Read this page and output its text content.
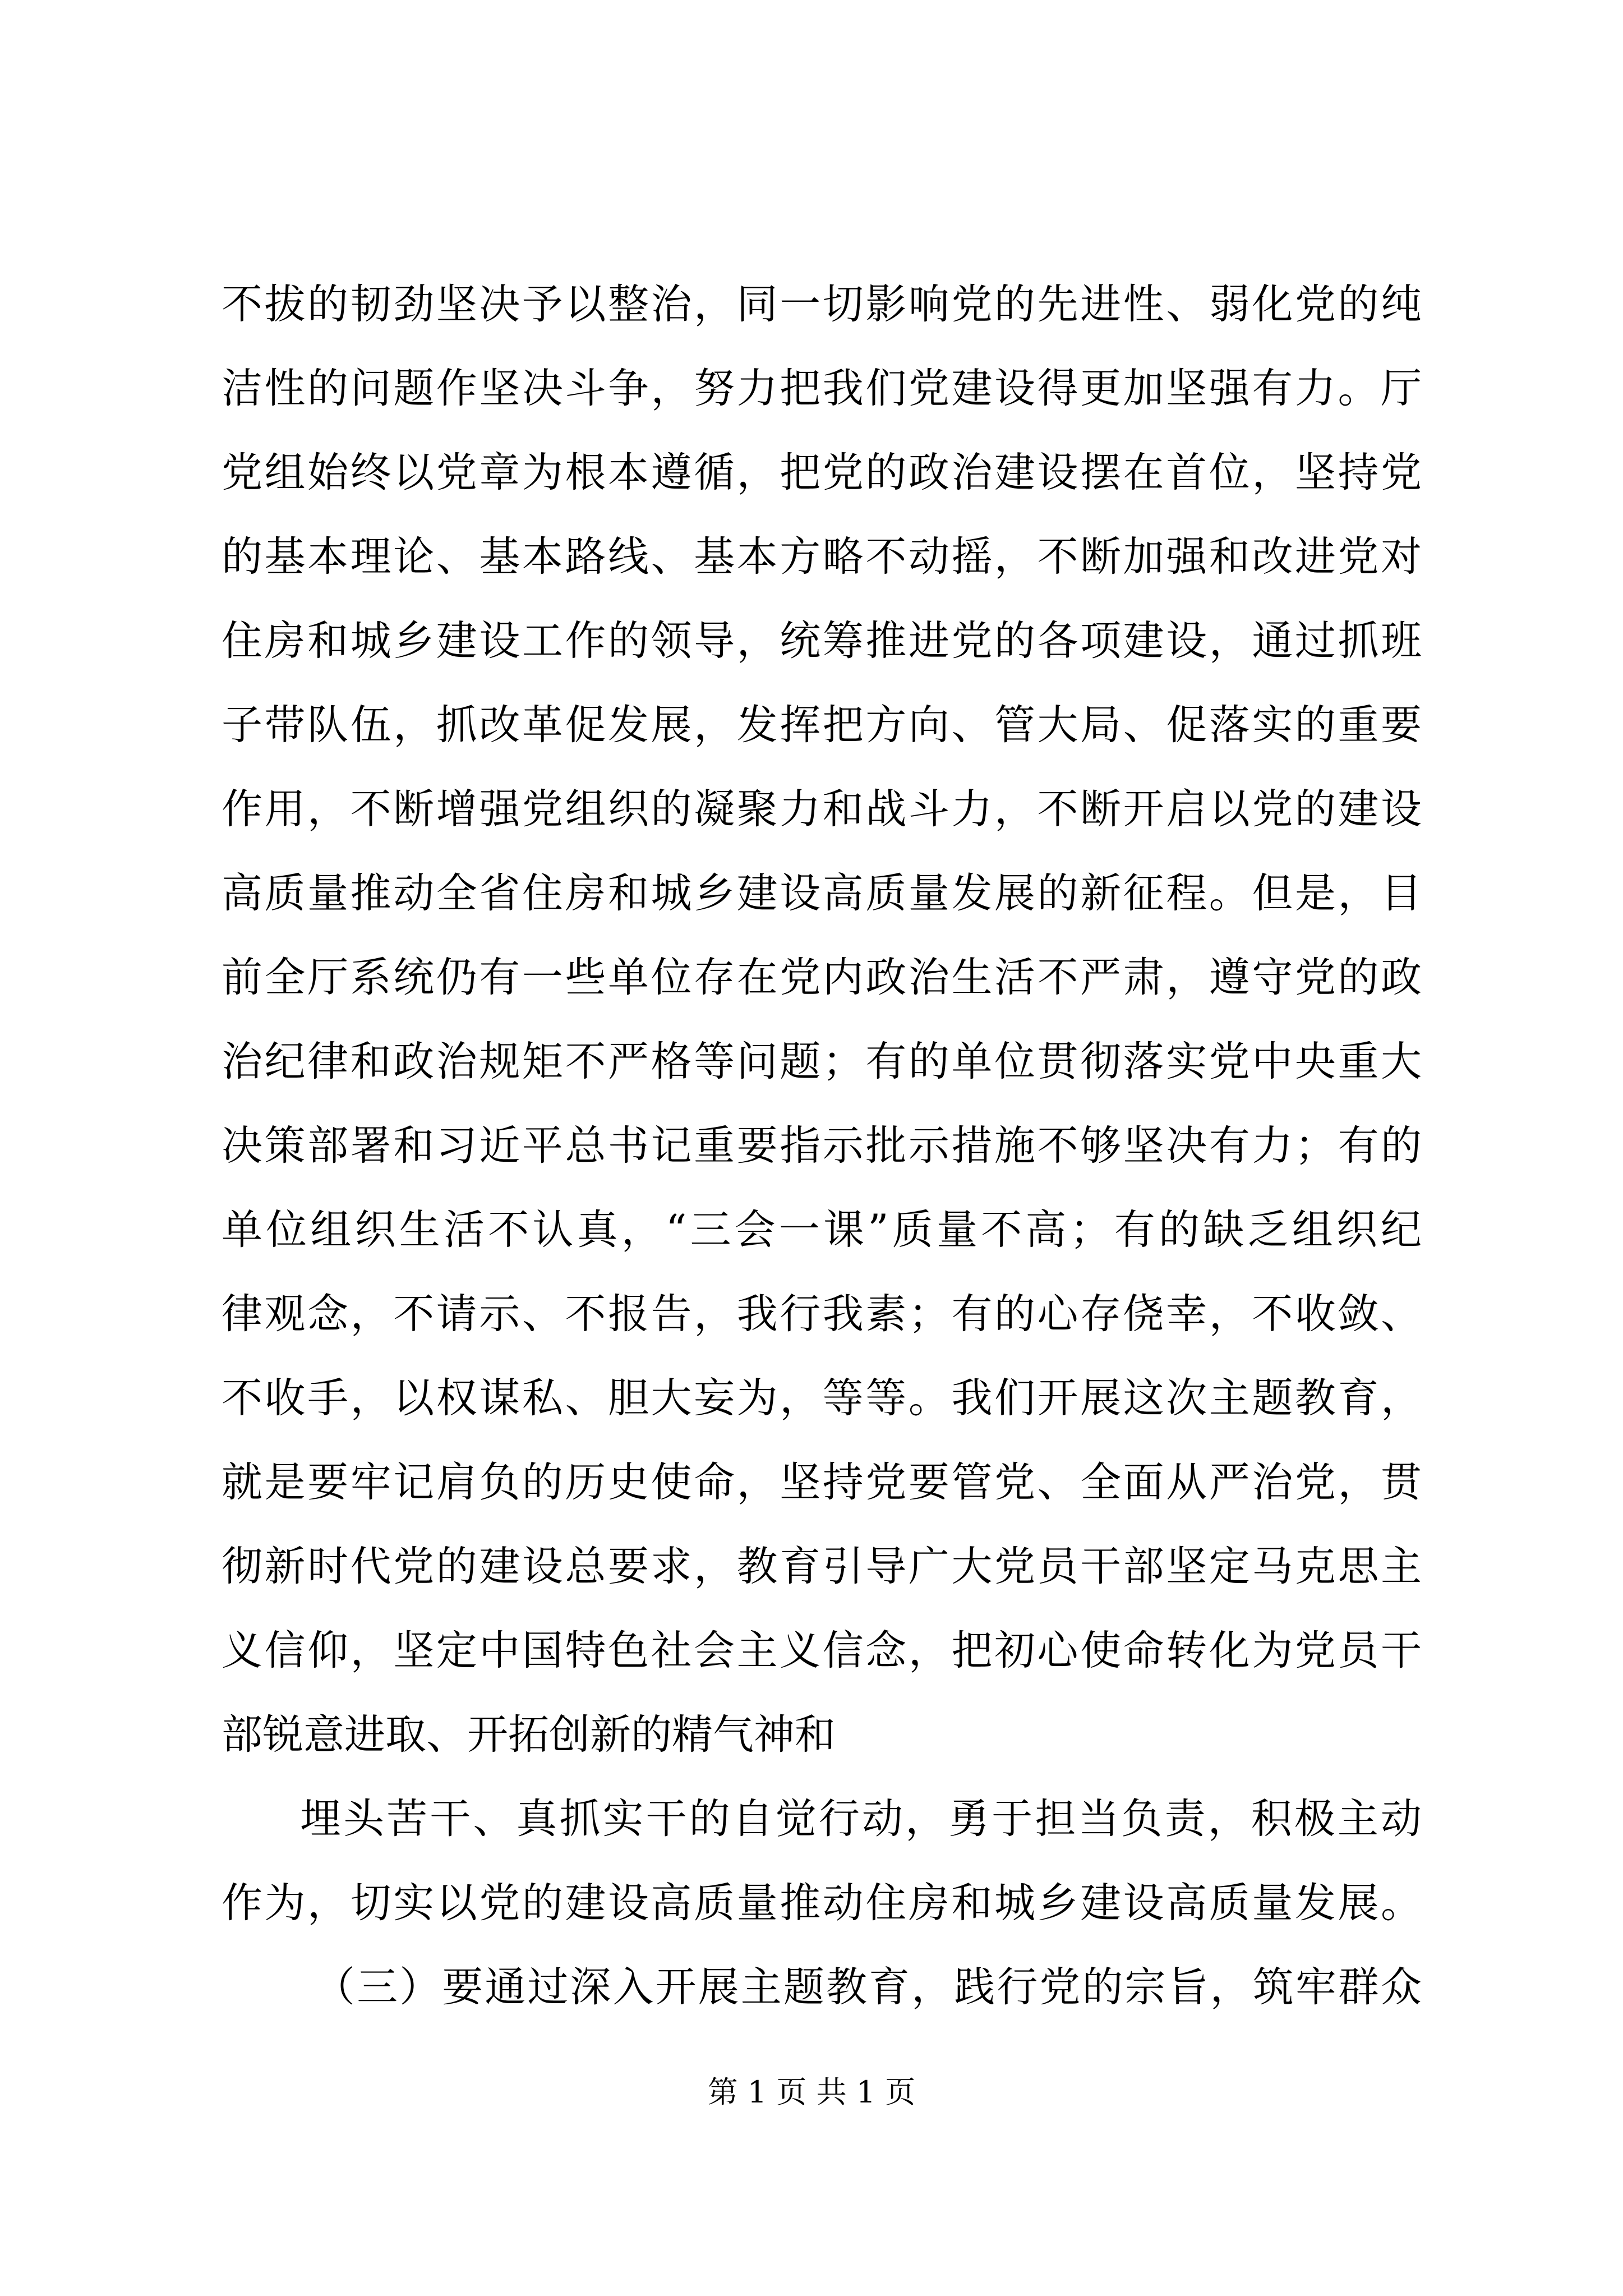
不拔的韧劲坚决予以整治，同一切影响党的先进性、弱化党的纯
洁性的问题作坚决斗争，努力把我们党建设得更加坚强有力。厅
党组始终以党章为根本遵循，把党的政治建设摆在首位，坚持党
的基本理论、基本路线、基本方略不动摇，不断加强和改进党对
住房和城乡建设工作的领导，统筹推进党的各项建设，通过抓班
子带队伍，抓改革促发展，发挥把方向、管大局、促落实的重要
作用，不断增强党组织的凝聚力和战斗力，不断开启以党的建设
高质量推动全省住房和城乡建设高质量发展的新征程。但是，目
前全厅系统仍有一些单位存在党内政治生活不严肃，遵守党的政
治纪律和政治规矩不严格等问题；有的单位贯彻落实党中央重大
决策部署和习近平总书记重要指示批示措施不够坚决有力；有的
单位组织生活不认真，“三会一课”质量不高；有的缺乏组织纪
律观念，不请示、不报告，我行我素；有的心存侥幸，不收敛、
不收手，以权谋私、胆大妄为，等等。我们开展这次主题教育，
就是要牢记肩负的历史使命，坚持党要管党、全面从严治党，贯
彻新时代党的建设总要求，教育引导广大党员干部坚定马克思主
义信仰，坚定中国特色社会主义信念，把初心使命转化为党员干
部锐意进取、开拓创新的精气神和
埋头苦干、真抓实干的自觉行动，勇于担当负责，积极主动
作为，切实以党的建设高质量推动住房和城乡建设高质量发展。
（三）要通过深入开展主题教育，践行党的宗旨，筑牢群众
第 1 页 共 1 页
